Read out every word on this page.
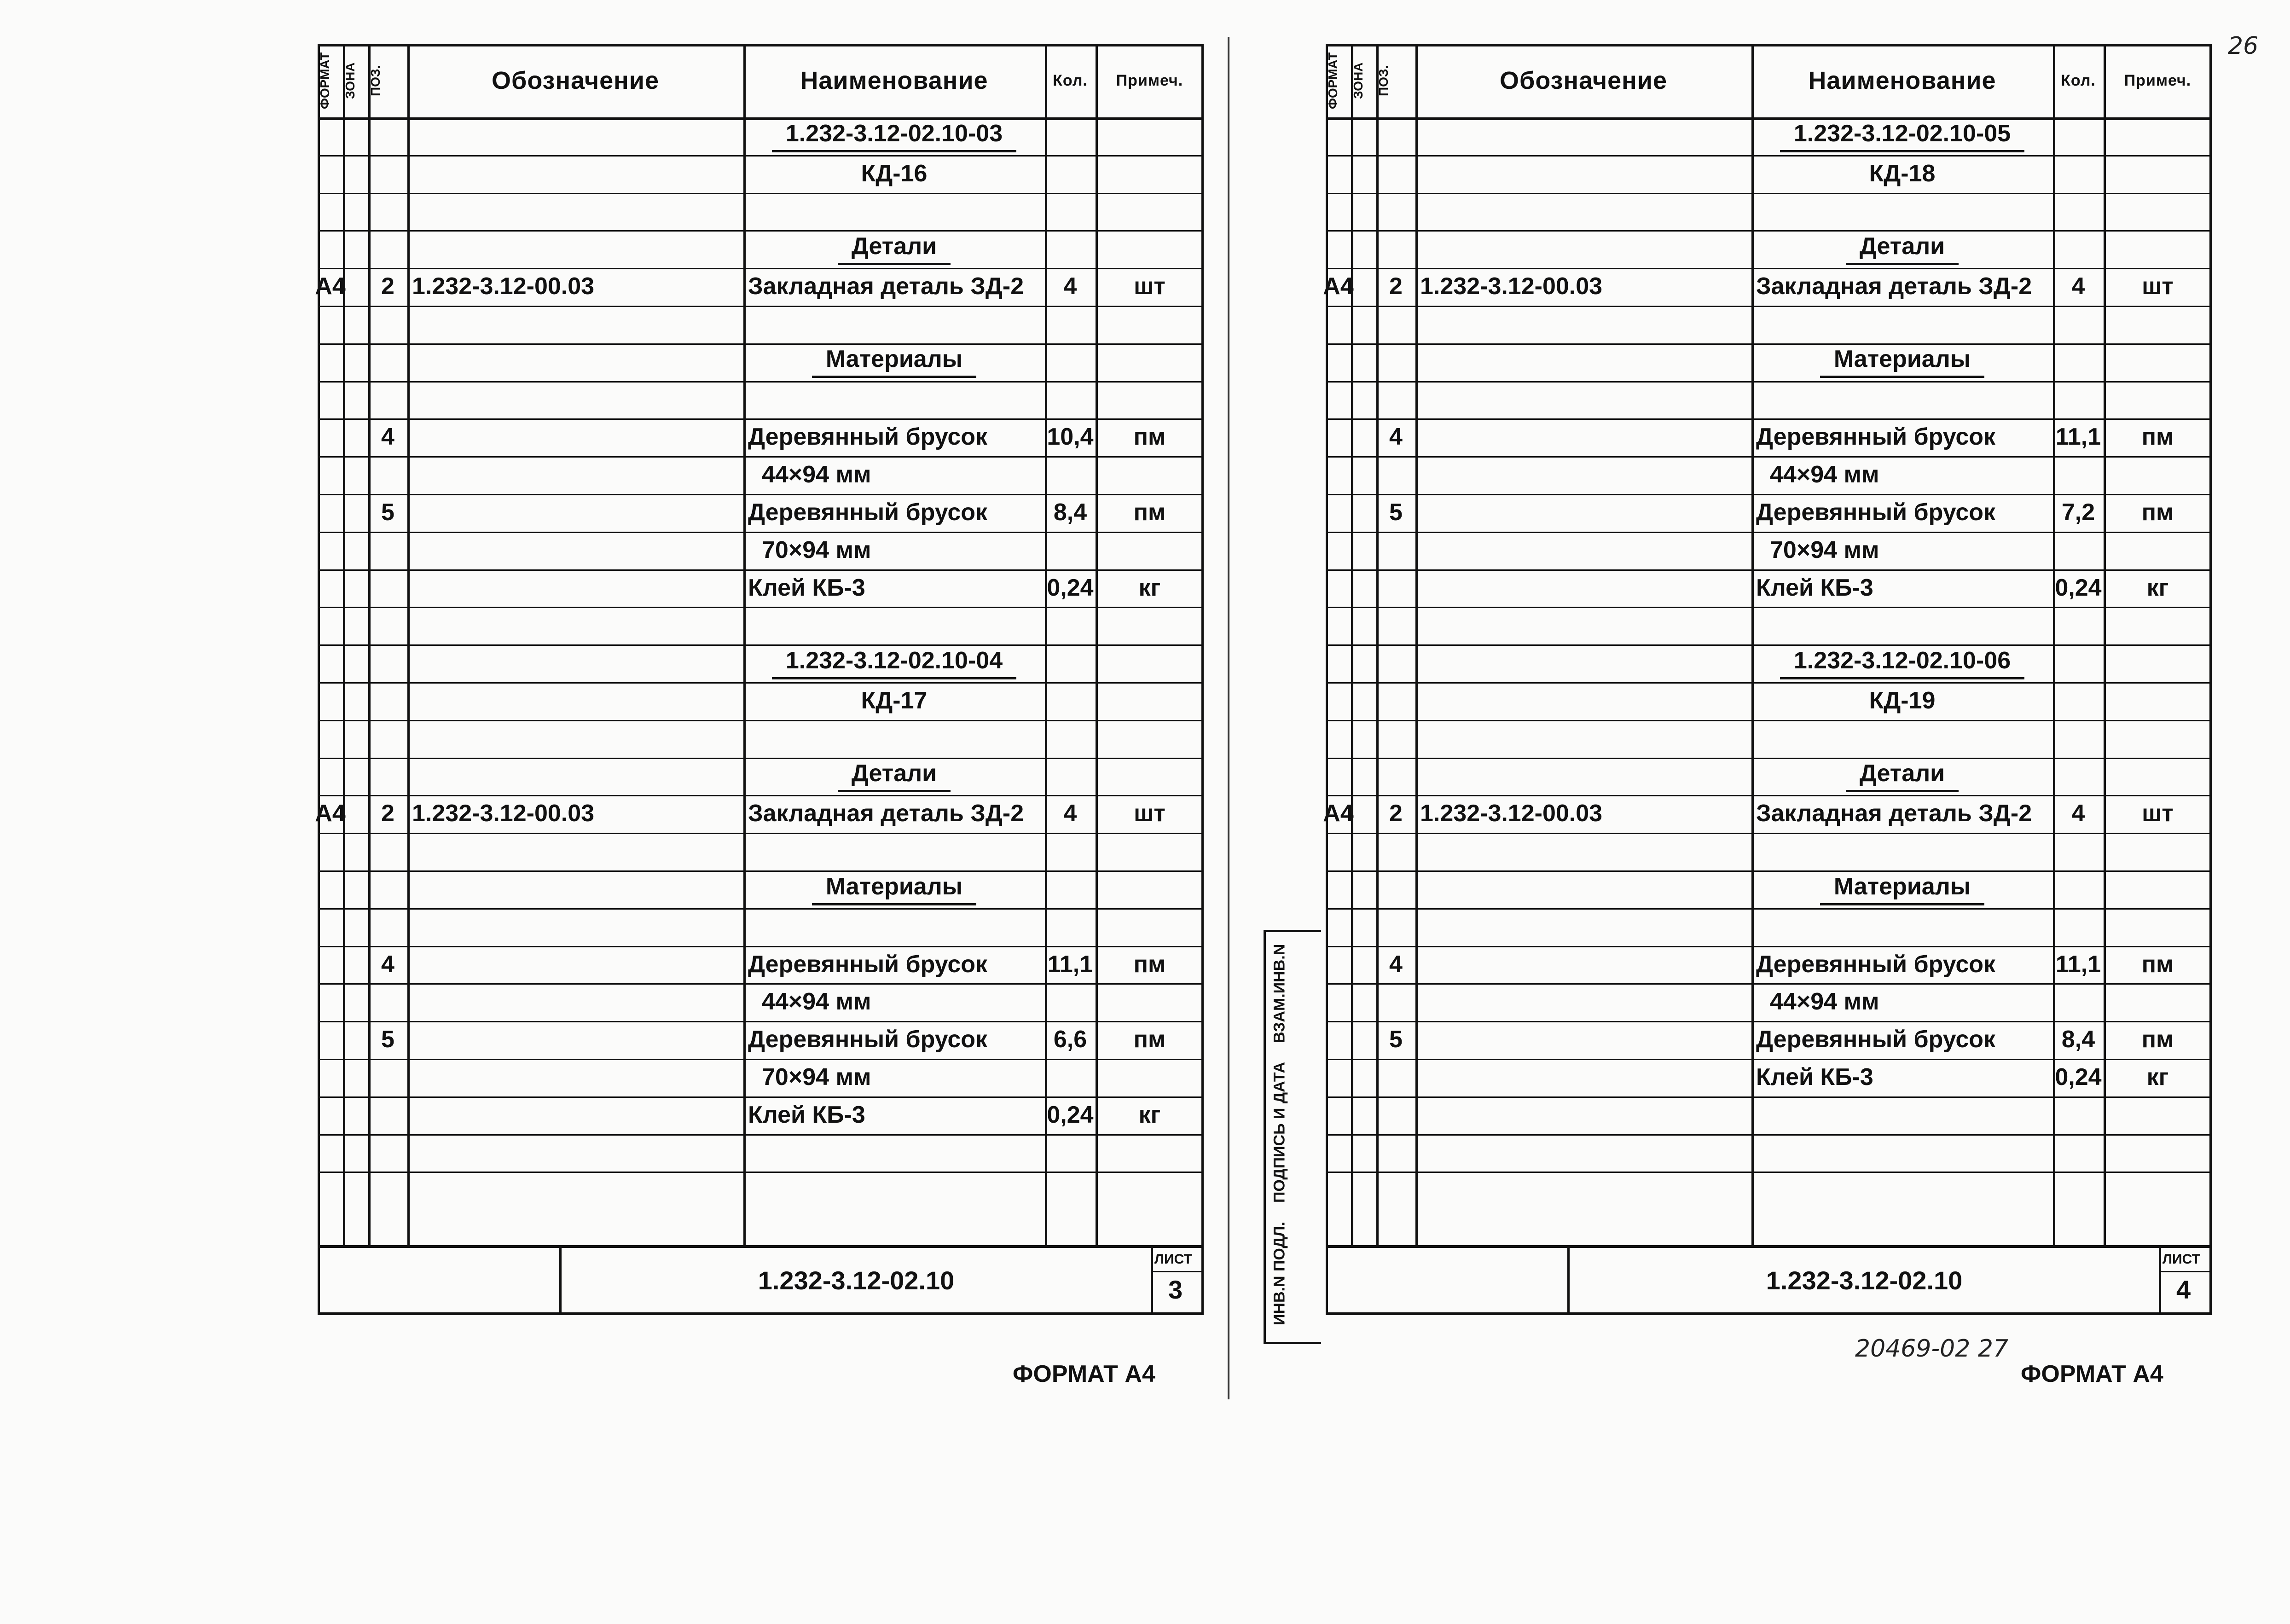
26
ФОРМАТ ЗОНА ПОЗ.	Обозначение	Наименование	Кол.	Примеч.
1.232-3.12-02.10-03
КД-16
Детали
А4 2 1.232-3.12-00.03	Закладная деталь ЗД-2 4 шт
Материалы
4	Деревянный брусок 10,4 пм
44×94 мм
5	Деревянный брусок	8,4 пм
70×94 мм
Клей КБ-3	0,24 кг
1.232-3.12-02.10-04
КД-17
Детали
А4 2 1.232-3.12-00.03	Закладная деталь ЗД-2 4 шт
Материалы
4	Деревянный брусок	11,1 пм
44×94 мм
5	Деревянный брусок	6,6 пм
70×94 мм
Клей КБ-3	0,24 кг
1.232-3.12-02.10
ЛИСТ
3
ФОРМАТ А4
ФОРМАТ ЗОНА ПОЗ.	Обозначение	Наименование	Кол.	Примеч.
1.232-3.12-02.10-05
КД-18
Детали
А4 2 1.232-3.12-00.03	Закладная деталь ЗД-2 4 шт
Материалы
4	Деревянный брусок	11,1 пм
44×94 мм
5	Деревянный брусок	7,2 пм
70×94 мм
Клей КБ-3	0,24 кг
1.232-3.12-02.10-06
КД-19
Детали
А4 2 1.232-3.12-00.03	Закладная деталь ЗД-2 4 шт
Материалы
4	Деревянный брусок	11,1 пм
44×94 мм
5	Деревянный брусок	8,4 пм
Клей КБ-3	0,24 кг
1.232-3.12-02.10
ЛИСТ
4
ФОРМАТ А4
20469-02 27
ИНВ.N ПОДЛ.
ПОДПИСЬ И ДАТА
ВЗАМ.ИНВ.N
